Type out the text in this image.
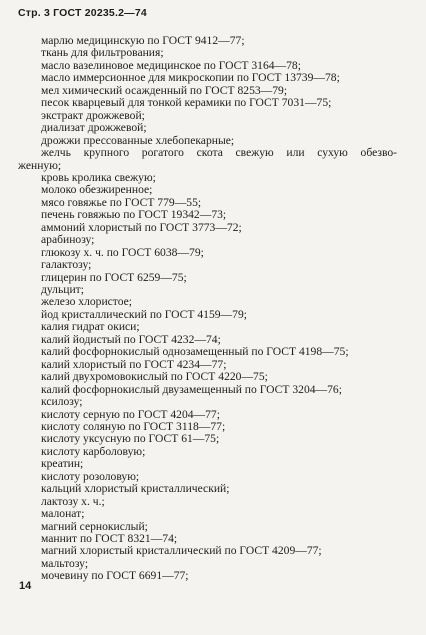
Стр. 3 ГОСТ 20235.2—74
марлю медицинскую по ГОСТ 9412—77;
ткань для фильтрования;
масло вазелиновое медицинское по ГОСТ 3164—78;
масло иммерсионное для микроскопии по ГОСТ 13739—78;
мел химический осажденный по ГОСТ 8253—79;
песок кварцевый для тонкой керамики по ГОСТ 7031—75;
экстракт дрожжевой;
диализат дрожжевой;
дрожжи прессованные хлебопекарные;
желчь крупного рогатого скота свежую или сухую обезво-
женную;
кровь кролика свежую;
молоко обезжиренное;
мясо говяжье по ГОСТ 779—55;
печень говяжью по ГОСТ 19342—73;
аммоний хлористый по ГОСТ 3773—72;
арабинозу;
глюкозу х. ч. по ГОСТ 6038—79;
галактозу;
глицерин по ГОСТ 6259—75;
дульцит;
железо хлористое;
йод кристаллический по ГОСТ 4159—79;
калия гидрат окиси;
калий йодистый по ГОСТ 4232—74;
калий фосфорнокислый однозамещенный по ГОСТ 4198—75;
калий хлористый по ГОСТ 4234—77;
калий двухромовокислый по ГОСТ 4220—75;
калий фосфорнокислый двузамещенный по ГОСТ 3204—76;
ксилозу;
кислоту серную по ГОСТ 4204—77;
кислоту соляную по ГОСТ 3118—77;
кислоту уксусную по ГОСТ 61—75;
кислоту карболовую;
креатин;
кислоту розоловую;
кальций хлористый кристаллический;
лактозу х. ч.;
малонат;
магний сернокислый;
маннит по ГОСТ 8321—74;
магний хлористый кристаллический по ГОСТ 4209—77;
мальтозу;
мочевину по ГОСТ 6691—77;
14
